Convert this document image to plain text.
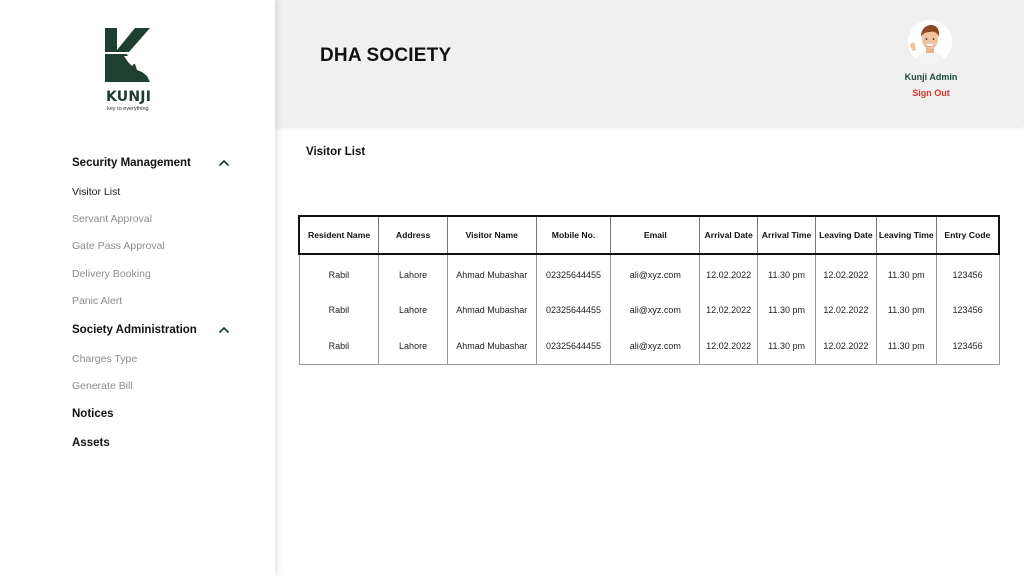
KUNJI
key to everything
Security Management
Visitor List
Servant Approval
Gate Pass Approval
Delivery Booking
Panic Alert
Society Administration
Charges Type
Generate Bill
Notices
Assets
DHA SOCIETY
Kunji Admin
Sign Out
Visitor List
Resident Name	Address	Visitor Name	Mobile No.	Email	Arrival Date	Arrival Time	Leaving Date	Leaving Time	Entry Code
Rabil	Lahore	Ahmad Mubashar	02325644455	ali@xyz.com	12.02.2022	11.30 pm	12.02.2022	11.30 pm	123456
Rabil	Lahore	Ahmad Mubashar	02325644455	ali@xyz.com	12.02.2022	11.30 pm	12.02.2022	11.30 pm	123456
Rabil	Lahore	Ahmad Mubashar	02325644455	ali@xyz.com	12.02.2022	11.30 pm	12.02.2022	11.30 pm	123456
